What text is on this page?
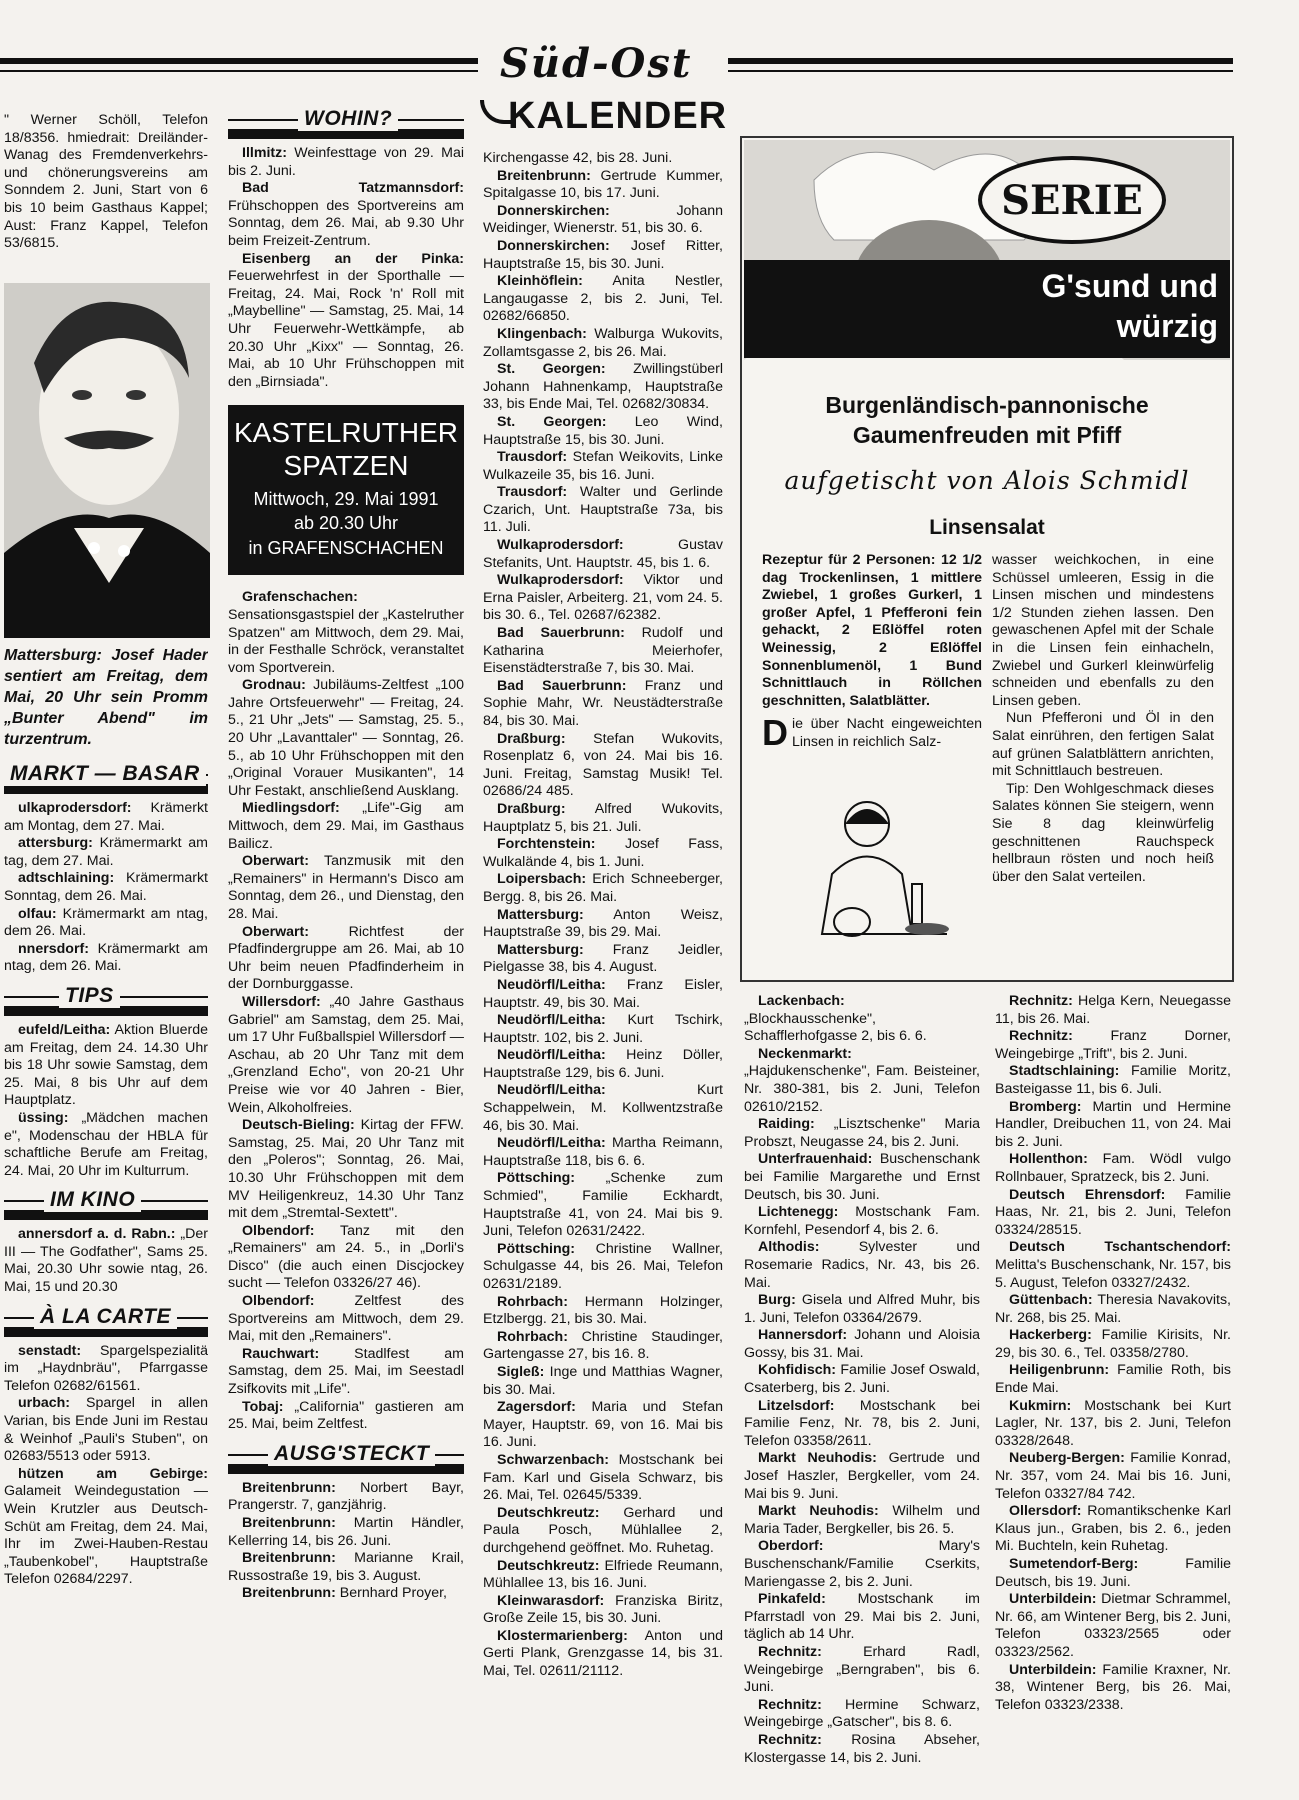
Süd-Ost
KALENDER

" Werner Schöll, Telefon 18/8356. hmiedrait: Dreiländer-Wanag des Fremdenverkehrs- und chönerungsvereins am Sonndem 2. Juni, Start von 6 bis 10 beim Gasthaus Kappel; Aust: Franz Kappel, Telefon 53/6815.

Mattersburg: Josef Hader sentiert am Freitag, dem Mai, 20 Uhr sein Promm „Bunter Abend" im turzentrum.

MARKT — BASAR

ulkaprodersdorf: Krämerkt am Montag, dem 27. Mai.

attersburg: Krämermarkt am tag, dem 27. Mai.

adtschlaining: Krämermarkt Sonntag, dem 26. Mai.

olfau: Krämermarkt am ntag, dem 26. Mai.

nnersdorf: Krämermarkt am ntag, dem 26. Mai.

TIPS

eufeld/Leitha: Aktion Bluerde am Freitag, dem 24. 14.30 Uhr bis 18 Uhr sowie Samstag, dem 25. Mai, 8 bis Uhr auf dem Hauptplatz.

üssing: „Mädchen machen e", Modenschau der HBLA für schaftliche Berufe am Freitag, 24. Mai, 20 Uhr im Kulturrum.

IM KINO

annersdorf a. d. Rabn.: „Der III — The Godfather", Sams 25. Mai, 20.30 Uhr sowie ntag, 26. Mai, 15 und 20.30

À LA CARTE

senstadt: Spargelspezialitä im „Haydnbräu", Pfarrgasse Telefon 02682/61561.

urbach: Spargel in allen Varian, bis Ende Juni im Restau & Weinhof „Pauli's Stuben", on 02683/5513 oder 5913.

hützen am Gebirge: Galameit Weindegustation — Wein Krutzler aus Deutsch-Schüt am Freitag, dem 24. Mai, Ihr im Zwei-Hauben-Restau „Taubenkobel", Hauptstraße Telefon 02684/2297.

WOHIN?

Illmitz: Weinfesttage von 29. Mai bis 2. Juni.

Bad Tatzmannsdorf: Frühschoppen des Sportvereins am Sonntag, dem 26. Mai, ab 9.30 Uhr beim Freizeit-Zentrum.

Eisenberg an der Pinka: Feuerwehrfest in der Sporthalle — Freitag, 24. Mai, Rock 'n' Roll mit „Maybelline" — Samstag, 25. Mai, 14 Uhr Feuerwehr-Wettkämpfe, ab 20.30 Uhr „Kixx" — Sonntag, 26. Mai, ab 10 Uhr Frühschoppen mit den „Birnsiada".

KASTELRUTHER
SPATZEN
Mittwoch, 29. Mai 1991
ab 20.30 Uhr
in GRAFENSCHACHEN

Grafenschachen: Sensationsgastspiel der „Kastelruther Spatzen" am Mittwoch, dem 29. Mai, in der Festhalle Schröck, veranstaltet vom Sportverein.

Grodnau: Jubiläums-Zeltfest „100 Jahre Ortsfeuerwehr" — Freitag, 24. 5., 21 Uhr „Jets" — Samstag, 25. 5., 20 Uhr „Lavanttaler" — Sonntag, 26. 5., ab 10 Uhr Frühschoppen mit den „Original Vorauer Musikanten", 14 Uhr Festakt, anschließend Ausklang.

Miedlingsdorf: „Life"-Gig am Mittwoch, dem 29. Mai, im Gasthaus Bailicz.

Oberwart: Tanzmusik mit den „Remainers" in Hermann's Disco am Sonntag, dem 26., und Dienstag, den 28. Mai.

Oberwart: Richtfest der Pfadfindergruppe am 26. Mai, ab 10 Uhr beim neuen Pfadfinderheim in der Dornburggasse.

Willersdorf: „40 Jahre Gasthaus Gabriel" am Samstag, dem 25. Mai, um 17 Uhr Fußballspiel Willersdorf — Aschau, ab 20 Uhr Tanz mit dem „Grenzland Echo", von 20-21 Uhr Preise wie vor 40 Jahren - Bier, Wein, Alkoholfreies.

Deutsch-Bieling: Kirtag der FFW. Samstag, 25. Mai, 20 Uhr Tanz mit den „Poleros"; Sonntag, 26. Mai, 10.30 Uhr Frühschoppen mit dem MV Heiligenkreuz, 14.30 Uhr Tanz mit dem „Stremtal-Sextett".

Olbendorf: Tanz mit den „Remainers" am 24. 5., in „Dorli's Disco" (die auch einen Discjockey sucht — Telefon 03326/27 46).

Olbendorf: Zeltfest des Sportvereins am Mittwoch, dem 29. Mai, mit den „Remainers".

Rauchwart: Stadlfest am Samstag, dem 25. Mai, im Seestadl Zsifkovits mit „Life".

Tobaj: „California" gastieren am 25. Mai, beim Zeltfest.

AUSG'STECKT

Breitenbrunn: Norbert Bayr, Prangerstr. 7, ganzjährig.

Breitenbrunn: Martin Händler, Kellerring 14, bis 26. Juni.

Breitenbrunn: Marianne Krail, Russostraße 19, bis 3. August.

Breitenbrunn: Bernhard Proyer,

Kirchengasse 42, bis 28. Juni.

Breitenbrunn: Gertrude Kummer, Spitalgasse 10, bis 17. Juni.

Donnerskirchen: Johann Weidinger, Wienerstr. 51, bis 30. 6.

Donnerskirchen: Josef Ritter, Hauptstraße 15, bis 30. Juni.

Kleinhöflein: Anita Nestler, Langaugasse 2, bis 2. Juni, Tel. 02682/66850.

Klingenbach: Walburga Wukovits, Zollamtsgasse 2, bis 26. Mai.

St. Georgen: Zwillingstüberl Johann Hahnenkamp, Hauptstraße 33, bis Ende Mai, Tel. 02682/30834.

St. Georgen: Leo Wind, Hauptstraße 15, bis 30. Juni.

Trausdorf: Stefan Weikovits, Linke Wulkazeile 35, bis 16. Juni.

Trausdorf: Walter und Gerlinde Czarich, Unt. Hauptstraße 73a, bis 11. Juli.

Wulkaprodersdorf: Gustav Stefanits, Unt. Hauptstr. 45, bis 1. 6.

Wulkaprodersdorf: Viktor und Erna Paisler, Arbeiterg. 21, vom 24. 5. bis 30. 6., Tel. 02687/62382.

Bad Sauerbrunn: Rudolf und Katharina Meierhofer, Eisenstädterstraße 7, bis 30. Mai.

Bad Sauerbrunn: Franz und Sophie Mahr, Wr. Neustädterstraße 84, bis 30. Mai.

Draßburg: Stefan Wukovits, Rosenplatz 6, von 24. Mai bis 16. Juni. Freitag, Samstag Musik! Tel. 02686/24 485.

Draßburg: Alfred Wukovits, Hauptplatz 5, bis 21. Juli.

Forchtenstein: Josef Fass, Wulkalände 4, bis 1. Juni.

Loipersbach: Erich Schneeberger, Bergg. 8, bis 26. Mai.

Mattersburg: Anton Weisz, Hauptstraße 39, bis 29. Mai.

Mattersburg: Franz Jeidler, Pielgasse 38, bis 4. August.

Neudörfl/Leitha: Franz Eisler, Hauptstr. 49, bis 30. Mai.

Neudörfl/Leitha: Kurt Tschirk, Hauptstr. 102, bis 2. Juni.

Neudörfl/Leitha: Heinz Döller, Hauptstraße 129, bis 6. Juni.

Neudörfl/Leitha: Kurt Schappelwein, M. Kollwentzstraße 46, bis 30. Mai.

Neudörfl/Leitha: Martha Reimann, Hauptstraße 118, bis 6. 6.

Pöttsching: „Schenke zum Schmied", Familie Eckhardt, Hauptstraße 41, von 24. Mai bis 9. Juni, Telefon 02631/2422.

Pöttsching: Christine Wallner, Schulgasse 44, bis 26. Mai, Telefon 02631/2189.

Rohrbach: Hermann Holzinger, Etzlbergg. 21, bis 30. Mai.

Rohrbach: Christine Staudinger, Gartengasse 27, bis 16. 8.

Sigleß: Inge und Matthias Wagner, bis 30. Mai.

Zagersdorf: Maria und Stefan Mayer, Hauptstr. 69, von 16. Mai bis 16. Juni.

Schwarzenbach: Mostschank bei Fam. Karl und Gisela Schwarz, bis 26. Mai, Tel. 02645/5339.

Deutschkreutz: Gerhard und Paula Posch, Mühlallee 2, durchgehend geöffnet. Mo. Ruhetag.

Deutschkreutz: Elfriede Reumann, Mühlallee 13, bis 16. Juni.

Kleinwarasdorf: Franziska Biritz, Große Zeile 15, bis 30. Juni.

Klostermarienberg: Anton und Gerti Plank, Grenzgasse 14, bis 31. Mai, Tel. 02611/21112.

SERIE
G'sund und
würzig
Burgenländisch-pannonische
Gaumenfreuden mit Pfiff
aufgetischt von Alois Schmidl
Linsensalat

Rezeptur für 2 Personen: 12 1/2 dag Trockenlinsen, 1 mittlere Zwiebel, 1 großes Gurkerl, 1 großer Apfel, 1 Pfefferoni fein gehackt, 2 Eßlöffel roten Weinessig, 2 Eßlöffel Sonnenblumenöl, 1 Bund Schnittlauch in Röllchen geschnitten, Salatblätter.

D ie über Nacht eingeweichten Linsen in reichlich Salz-

wasser weichkochen, in eine Schüssel umleeren, Essig in die Linsen mischen und mindestens 1/2 Stunden ziehen lassen. Den gewaschenen Apfel mit der Schale in die Linsen fein einhacheln, Zwiebel und Gurkerl kleinwürfelig schneiden und ebenfalls zu den Linsen geben.

Nun Pfefferoni und Öl in den Salat einrühren, den fertigen Salat auf grünen Salatblättern anrichten, mit Schnittlauch bestreuen.

Tip: Den Wohlgeschmack dieses Salates können Sie steigern, wenn Sie 8 dag kleinwürfelig geschnittenen Rauchspeck hellbraun rösten und noch heiß über den Salat verteilen.

Lackenbach: „Blockhausschenke", Schafflerhofgasse 2, bis 6. 6.

Neckenmarkt: „Hajdukenschenke", Fam. Beisteiner, Nr. 380-381, bis 2. Juni, Telefon 02610/2152.

Raiding: „Lisztschenke" Maria Probszt, Neugasse 24, bis 2. Juni.

Unterfrauenhaid: Buschenschank bei Familie Margarethe und Ernst Deutsch, bis 30. Juni.

Lichtenegg: Mostschank Fam. Kornfehl, Pesendorf 4, bis 2. 6.

Althodis: Sylvester und Rosemarie Radics, Nr. 43, bis 26. Mai.

Burg: Gisela und Alfred Muhr, bis 1. Juni, Telefon 03364/2679.

Hannersdorf: Johann und Aloisia Gossy, bis 31. Mai.

Kohfidisch: Familie Josef Oswald, Csaterberg, bis 2. Juni.

Litzelsdorf: Mostschank bei Familie Fenz, Nr. 78, bis 2. Juni, Telefon 03358/2611.

Markt Neuhodis: Gertrude und Josef Haszler, Bergkeller, vom 24. Mai bis 9. Juni.

Markt Neuhodis: Wilhelm und Maria Tader, Bergkeller, bis 26. 5.

Oberdorf: Mary's Buschenschank/Familie Cserkits, Mariengasse 2, bis 2. Juni.

Pinkafeld: Mostschank im Pfarrstadl von 29. Mai bis 2. Juni, täglich ab 14 Uhr.

Rechnitz: Erhard Radl, Weingebirge „Berngraben", bis 6. Juni.

Rechnitz: Hermine Schwarz, Weingebirge „Gatscher", bis 8. 6.

Rechnitz: Rosina Abseher, Klostergasse 14, bis 2. Juni.

Rechnitz: Helga Kern, Neuegasse 11, bis 26. Mai.

Rechnitz: Franz Dorner, Weingebirge „Trift", bis 2. Juni.

Stadtschlaining: Familie Moritz, Basteigasse 11, bis 6. Juli.

Bromberg: Martin und Hermine Handler, Dreibuchen 11, von 24. Mai bis 2. Juni.

Hollenthon: Fam. Wödl vulgo Rollnbauer, Spratzeck, bis 2. Juni.

Deutsch Ehrensdorf: Familie Haas, Nr. 21, bis 2. Juni, Telefon 03324/28515.

Deutsch Tschantschendorf: Melitta's Buschenschank, Nr. 157, bis 5. August, Telefon 03327/2432.

Güttenbach: Theresia Navakovits, Nr. 268, bis 25. Mai.

Hackerberg: Familie Kirisits, Nr. 29, bis 30. 6., Tel. 03358/2780.

Heiligenbrunn: Familie Roth, bis Ende Mai.

Kukmirn: Mostschank bei Kurt Lagler, Nr. 137, bis 2. Juni, Telefon 03328/2648.

Neuberg-Bergen: Familie Konrad, Nr. 357, vom 24. Mai bis 16. Juni, Telefon 03327/84 742.

Ollersdorf: Romantikschenke Karl Klaus jun., Graben, bis 2. 6., jeden Mi. Buchteln, kein Ruhetag.

Sumetendorf-Berg: Familie Deutsch, bis 19. Juni.

Unterbildein: Dietmar Schrammel, Nr. 66, am Wintener Berg, bis 2. Juni, Telefon 03323/2565 oder 03323/2562.

Unterbildein: Familie Kraxner, Nr. 38, Wintener Berg, bis 26. Mai, Telefon 03323/2338.
